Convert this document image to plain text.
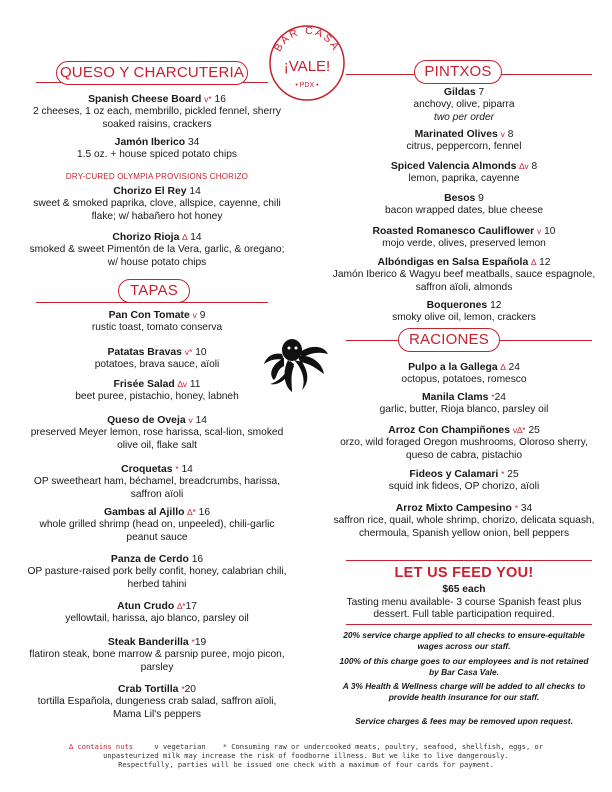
BAR CASA
¡VALE!
• PDX •
QUESO Y CHARCUTERIA
TAPAS
PINTXOS
RACIONES
Spanish Cheese Board v* 16
2 cheeses, 1 oz each, membrillo, pickled fennel, sherry soaked raisins, crackers
Jamón Iberico 34
1.5 oz. + house spiced potato chips
DRY-CURED OLYMPIA PROVISIONS CHORIZO
Chorizo El Rey 14
sweet & smoked paprika, clove, allspice, cayenne, chili flake; w/ habañero hot honey
Chorizo Rioja ∆ 14
smoked & sweet Pimentón de la Vera, garlic, & oregano; w/ house potato chips
Pan Con Tomate v 9
rustic toast, tomato conserva
Patatas Bravas v* 10
potatoes, brava sauce, aïoli
Frisée Salad ∆v 11
beet puree, pistachio, honey, labneh
Queso de Oveja v 14
preserved Meyer lemon, rose harissa, scal-lion, smoked olive oil, flake salt
Croquetas * 14
OP sweetheart ham, béchamel, breadcrumbs, harissa, saffron aïoli
Gambas al Ajillo ∆* 16
whole grilled shrimp (head on, unpeeled), chili-garlic peanut sauce
Panza de Cerdo 16
OP pasture-raised pork belly confit, honey, calabrian chili, herbed tahini
Atun Crudo ∆*17
yellowtail, harissa, ajo blanco, parsley oil
Steak Banderilla *19
flatiron steak, bone marrow & parsnip puree, mojo picon, parsley
Crab Tortilla *20
tortilla Española, dungeness crab salad, saffron aïoli, Mama Lil's peppers
Gildas 7
anchovy, olive, piparra
two per order
Marinated Olives v 8
citrus, peppercorn, fennel
Spiced Valencia Almonds ∆v 8
lemon, paprika, cayenne
Besos 9
bacon wrapped dates, blue cheese
Roasted Romanesco Cauliflower v 10
mojo verde, olives, preserved lemon
Albóndigas en Salsa Española ∆ 12
Jamón Iberico & Wagyu beef meatballs, sauce espagnole, saffron aïoli, almonds
Boquerones 12
smoky olive oil, lemon, crackers
Pulpo a la Gallega ∆ 24
octopus, potatoes, romesco
Manila Clams *24
garlic, butter, Rioja blanco, parsley oil
Arroz Con Champiñones v∆* 25
orzo, wild foraged Oregon mushrooms, Oloroso sherry, queso de cabra, pistachio
Fideos y Calamari * 25
squid ink fideos, OP chorizo, aïoli
Arroz Mixto Campesino * 34
saffron rice, quail, whole shrimp, chorizo, delicata squash, chermoula, Spanish yellow onion, bell peppers
LET US FEED YOU!
$65 each
Tasting menu available- 3 course Spanish feast plus dessert. Full table participation required.
20% service charge applied to all checks to ensure-equitable wages across our staff.
100% of this charge goes to our employees and is not retained by Bar Casa Vale.
A 3% Health & Wellness charge will be added to all checks to provide health insurance for our staff.
Service charges & fees may be removed upon request.
∆ contains nuts	v vegetarian * Consuming raw or undercooked meats, poultry, seafood, shellfish, eggs, or
unpasteurized milk may increase the risk of foodborne illness. But we like to live dangerously.
Respectfully, parties will be issued one check with a maximum of four cards for payment.
